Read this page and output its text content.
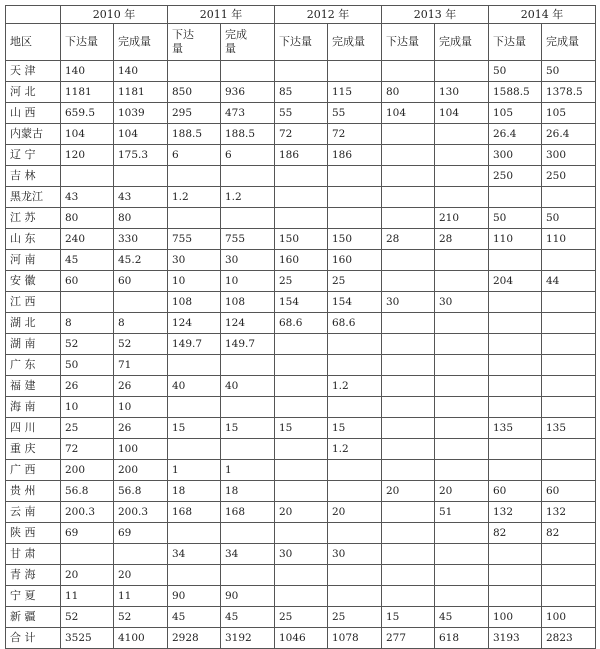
	2010 年		2011 年		2012 年		2013 年		2014 年	
地区	下达量	完成量	下达量	完成量	下达量	完成量	下达量	完成量	下达量	完成量
天 津	140	140							50	50
河 北	1181	1181	850	936	85	115	80	130	1588.5	1378.5
山 西	659.5	1039	295	473	55	55	104	104	105	105
内蒙古	104	104	188.5	188.5	72	72			26.4	26.4
辽 宁	120	175.3	6	6	186	186			300	300
吉 林									250	250
黑龙江	43	43	1.2	1.2						
江 苏	80	80						210	50	50
山 东	240	330	755	755	150	150	28	28	110	110
河 南	45	45.2	30	30	160	160				
安 徽	60	60	10	10	25	25			204	44
江 西			108	108	154	154	30	30		
湖 北	8	8	124	124	68.6	68.6				
湖 南	52	52	149.7	149.7						
广 东	50	71								
福 建	26	26	40	40		1.2				
海 南	10	10								
四 川	25	26	15	15	15	15			135	135
重 庆	72	100				1.2				
广 西	200	200	1	1						
贵 州	56.8	56.8	18	18			20	20	60	60
云 南	200.3	200.3	168	168	20	20		51	132	132
陕 西	69	69							82	82
甘 肃			34	34	30	30				
青 海	20	20								
宁 夏	11	11	90	90						
新 疆	52	52	45	45	25	25	15	45	100	100
合 计	3525	4100	2928	3192	1046	1078	277	618	3193	2823
